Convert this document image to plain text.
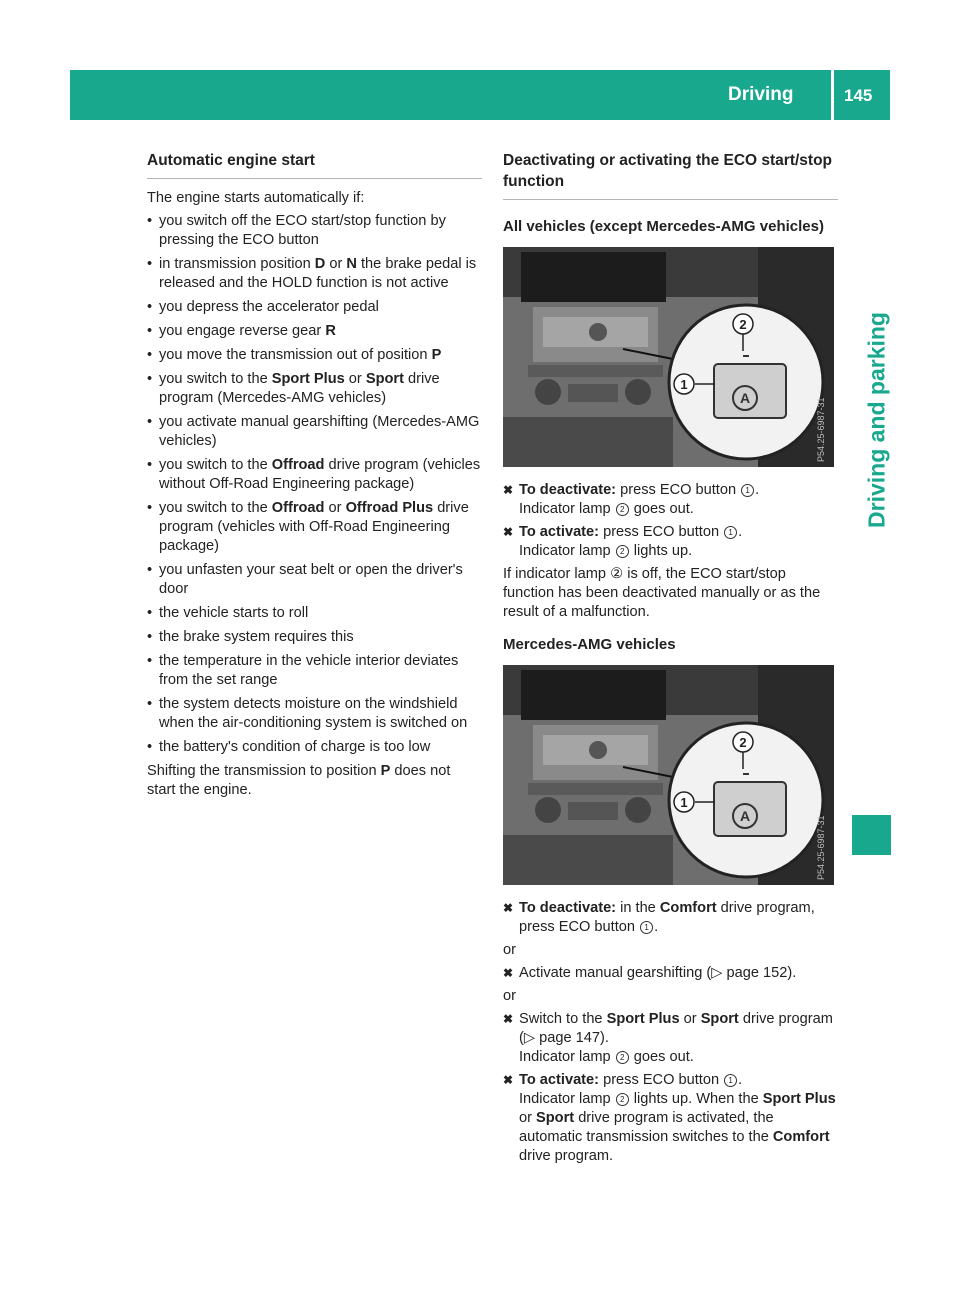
Driving	145
Driving and parking
Automatic engine start

The engine starts automatically if:

• you switch off the ECO start/stop function by pressing the ECO button
• in transmission position D or N the brake pedal is released and the HOLD function is not active
• you depress the accelerator pedal
• you engage reverse gear R
• you move the transmission out of position P
• you switch to the Sport Plus or Sport drive program (Mercedes-AMG vehicles)
• you activate manual gearshifting (Mercedes-AMG vehicles)
• you switch to the Offroad drive program (vehicles without Off-Road Engineering package)
• you switch to the Offroad or Offroad Plus drive program (vehicles with Off-Road Engineering package)
• you unfasten your seat belt or open the driver's door
• the vehicle starts to roll
• the brake system requires this
• the temperature in the vehicle interior deviates from the set range
• the system detects moisture on the windshield when the air-conditioning system is switched on
• the battery's condition of charge is too low

Shifting the transmission to position P does not start the engine.

Deactivating or activating the ECO start/stop function
All vehicles (except Mercedes-AMG vehicles)
A
2
1
P54.25-6987-31
✖ To deactivate: press ECO button 1 .
Indicator lamp 2 goes out.
✖ To activate: press ECO button 1 .
Indicator lamp 2 lights up.

If indicator lamp ② is off, the ECO start/stop function has been deactivated manually or as the result of a malfunction.

Mercedes-AMG vehicles
A
2
1
P54.25-6987-31
✖ To deactivate: in the Comfort drive program, press ECO button 1 .

or

✖ Activate manual gearshifting (▷ page 152).

or

✖ Switch to the Sport Plus or Sport drive program (▷ page 147).
Indicator lamp 2 goes out.
✖ To activate: press ECO button 1 .
Indicator lamp 2 lights up. When the Sport Plus or Sport drive program is activated, the automatic transmission switches to the Comfort drive program.
